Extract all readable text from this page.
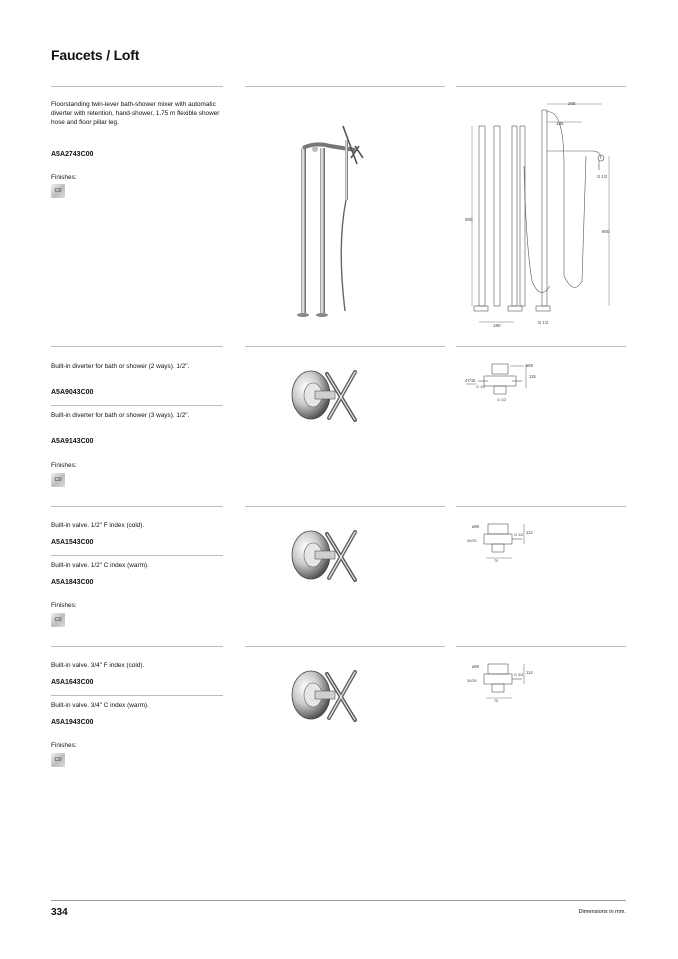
Faucets / Loft
Floorstanding twin-lever bath-shower mixer with automatic diverter with retention, hand-shower, 1.75 m flexible shower hose and floor pillar leg.
A5A2743C00
Finishes:
C0
265
136
900
800
G 1/2
180
G 1/2
Built-in diverter for bath or shower (2 ways). 1/2".
A5A9043C00
Built-in diverter for bath or shower (3 ways). 1/2".
A5A9143C00
Finishes:
C0
ø60
115
47/15
G 1/2
G 1/2
Built-in valve. 1/2" F index (cold).
A5A1543C00
Built-in valve. 1/2" C index (warm).
A5A1843C00
Finishes:
C0
ø60
112
G 1/2
30/25
70
Built-in valve. 3/4" F index (cold).
A5A1643C00
Built-in valve. 3/4" C index (warm).
A5A1943C00
Finishes:
C0
ø60
114
G 3/4
30/25
70
334	Dimensions in mm.
